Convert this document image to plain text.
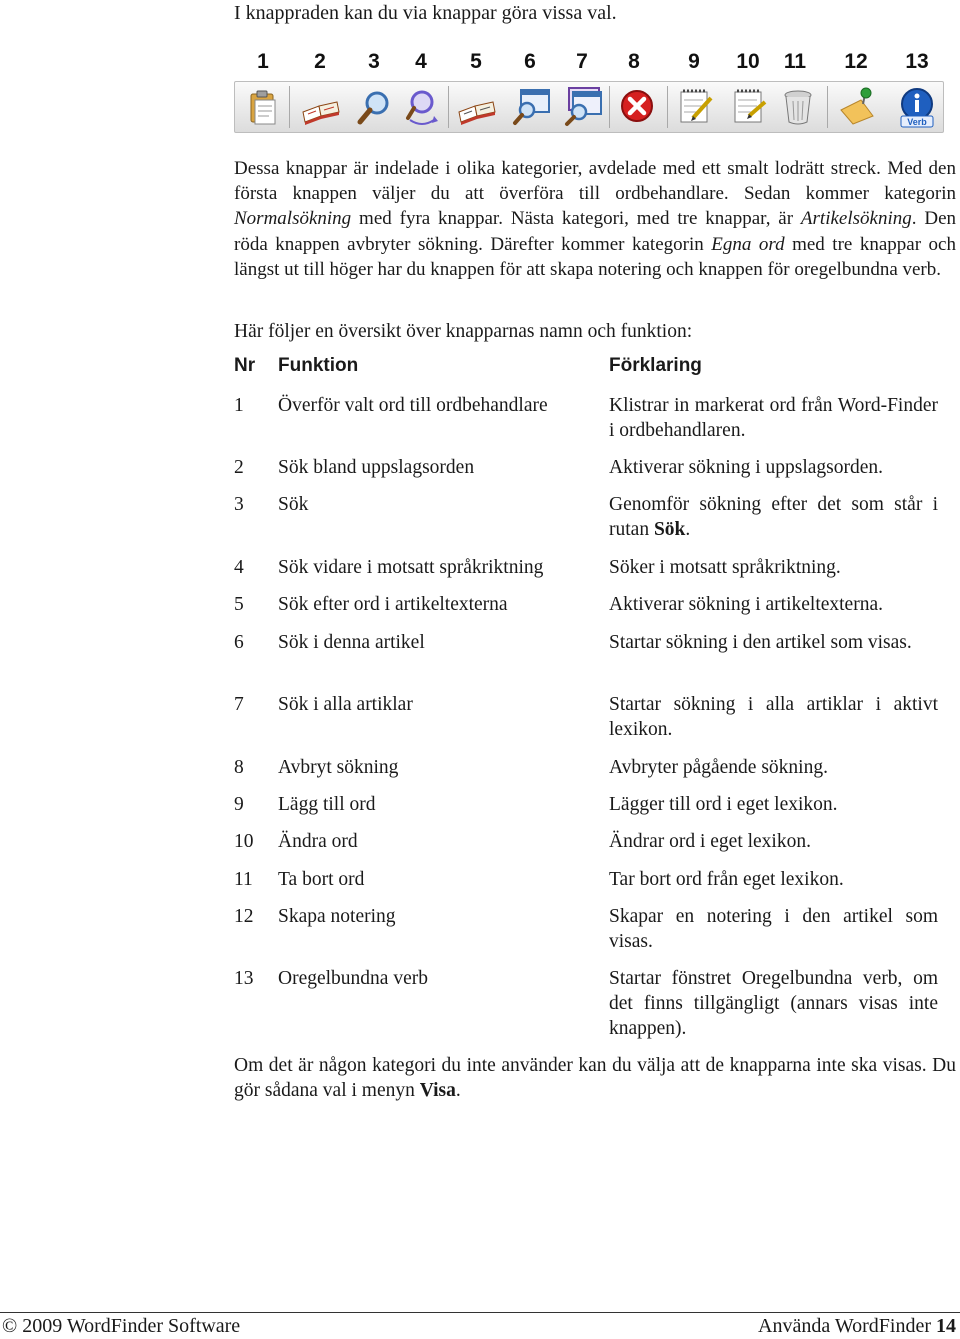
I knappraden kan du via knappar göra vissa val.

1	2	3	4	5	6	7	8	9	10	11	12	13
Verb

Dessa knappar är indelade i olika kategorier, avdelade med ett smalt lodrätt streck. Med den första knappen väljer du att överföra till ordbehandlare. Sedan kommer kategorin Normalsökning med fyra knappar. Nästa kategori, med tre knappar, är Artikelsökning. Den röda knappen avbryter sökning. Därefter kommer kategorin Egna ord med tre knappar och längst ut till höger har du knappen för att skapa notering och knappen för oregelbundna verb.

Här följer en översikt över knapparnas namn och funktion:

Nr Funktion	Förklaring
1 Överför valt ord till ordbehandlare	Klistrar in markerat ord från Word-Finder i ordbehandlaren.
2 Sök bland uppslagsorden	Aktiverar sökning i uppslagsorden.
3 Sök	Genomför sökning efter det som står i rutan Sök.
4 Sök vidare i motsatt språkriktning	Söker i motsatt språkriktning.
5 Sök efter ord i artikeltexterna	Aktiverar sökning i artikeltexterna.
6 Sök i denna artikel	Startar sökning i den artikel som visas.
7 Sök i alla artiklar	Startar sökning i alla artiklar i aktivt lexikon.
8 Avbryt sökning	Avbryter pågående sökning.
9 Lägg till ord	Lägger till ord i eget lexikon.
10 Ändra ord	Ändrar ord i eget lexikon.
11 Ta bort ord	Tar bort ord från eget lexikon.
12 Skapa notering	Skapar en notering i den artikel som visas.
13 Oregelbundna verb	Startar fönstret Oregelbundna verb, om det finns tillgängligt (annars visas inte knappen).

Om det är någon kategori du inte använder kan du välja att de knapparna inte ska visas. Du gör sådana val i menyn Visa.

© 2009 WordFinder Software	Använda WordFinder 14
